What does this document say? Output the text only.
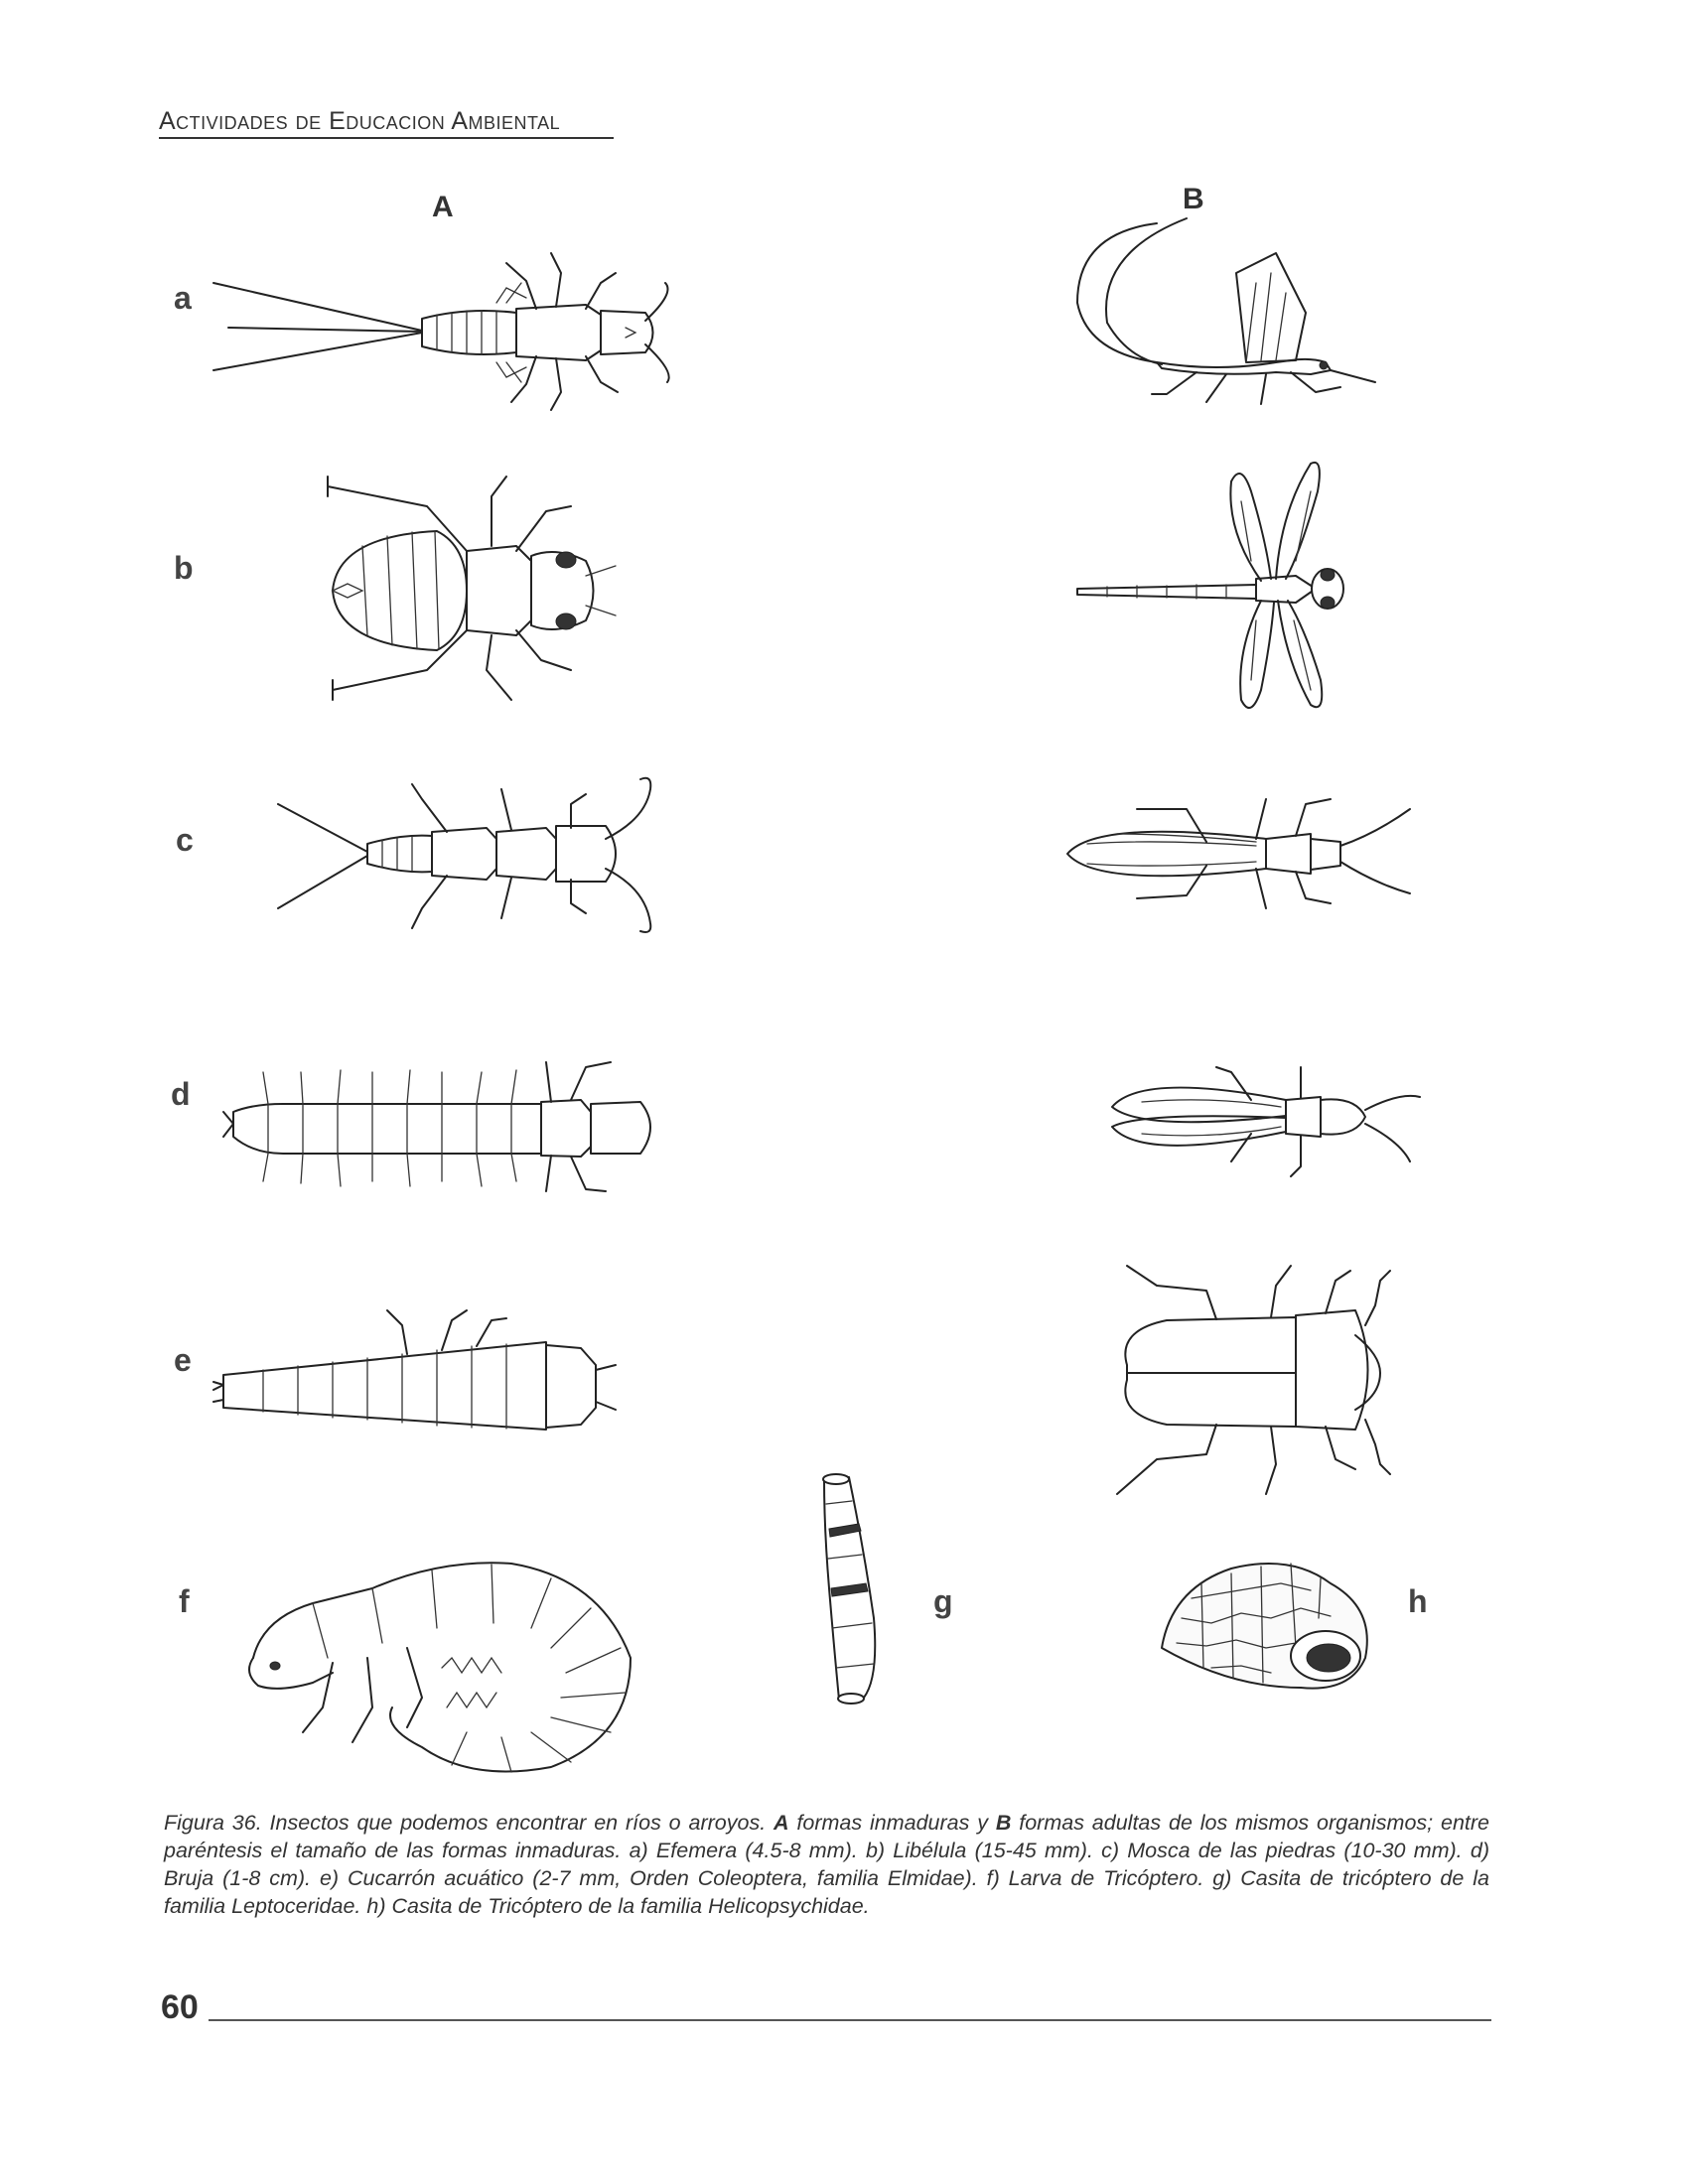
Actividades de Educacion Ambiental
A	B
a
b
c
d
e
f	g	h
Figura 36. Insectos que podemos encontrar en ríos o arroyos. A formas inmaduras y B formas adultas de los mismos organismos; entre paréntesis el tamaño de las formas inmaduras. a) Efemera (4.5-8 mm). b) Libélula (15-45 mm). c) Mosca de las piedras (10-30 mm). d) Bruja (1-8 cm). e) Cucarrón acuático (2-7 mm, Orden Coleoptera, familia Elmidae). f) Larva de Tricóptero. g) Casita de tricóptero de la familia Leptoceridae. h) Casita de Tricóptero de la familia Helicopsychidae.
60
